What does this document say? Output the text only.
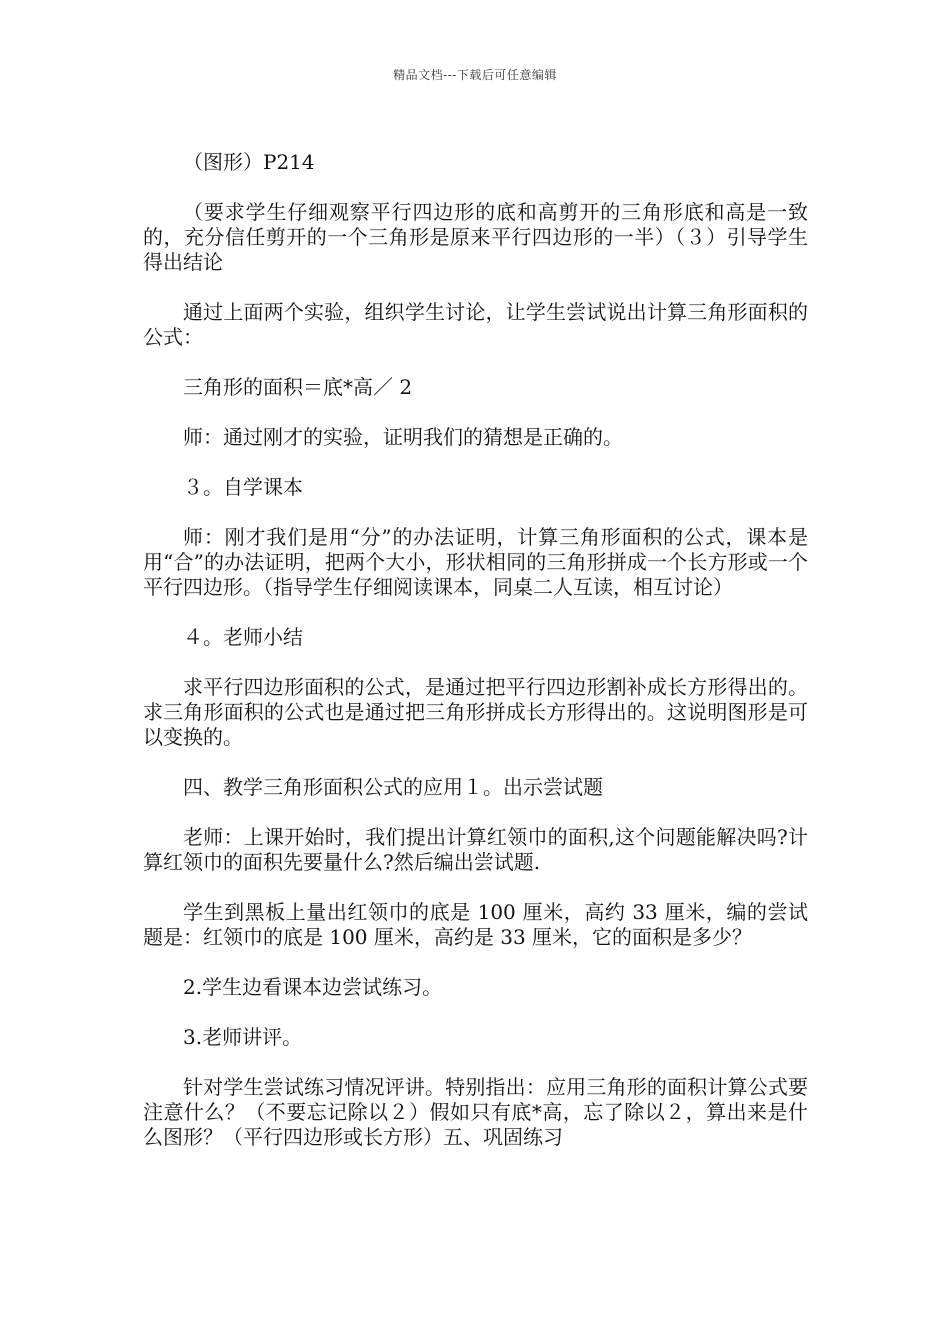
精品文档---下载后可任意编辑

（图形）P214

（要求学生仔细观察平行四边形的底和高剪开的三角形底和高是一致的，充分信任剪开的一个三角形是原来平行四边形的一半）（３）引导学生得出结论

通过上面两个实验，组织学生讨论，让学生尝试说出计算三角形面积的公式：

三角形的面积＝底*高／ 2

师：通过刚才的实验，证明我们的猜想是正确的。

３。自学课本

师：刚才我们是用“分”的办法证明，计算三角形面积的公式，课本是用“合”的办法证明，把两个大小，形状相同的三角形拼成一个长方形或一个平行四边形。（指导学生仔细阅读课本，同桌二人互读，相互讨论）

４。老师小结

求平行四边形面积的公式，是通过把平行四边形割补成长方形得出的。求三角形面积的公式也是通过把三角形拼成长方形得出的。这说明图形是可以变换的。

四、教学三角形面积公式的应用１。出示尝试题

老师：上课开始时，我们提出计算红领巾的面积,这个问题能解决吗?计算红领巾的面积先要量什么?然后编出尝试题.

学生到黑板上量出红领巾的底是 100 厘米，高约 33 厘米，编的尝试题是：红领巾的底是 100 厘米，高约是 33 厘米，它的面积是多少？

2.学生边看课本边尝试练习。

3.老师讲评。

针对学生尝试练习情况评讲。特别指出：应用三角形的面积计算公式要注意什么？（不要忘记除以２）假如只有底*高，忘了除以２，算出来是什么图形？（平行四边形或长方形）五、巩固练习
